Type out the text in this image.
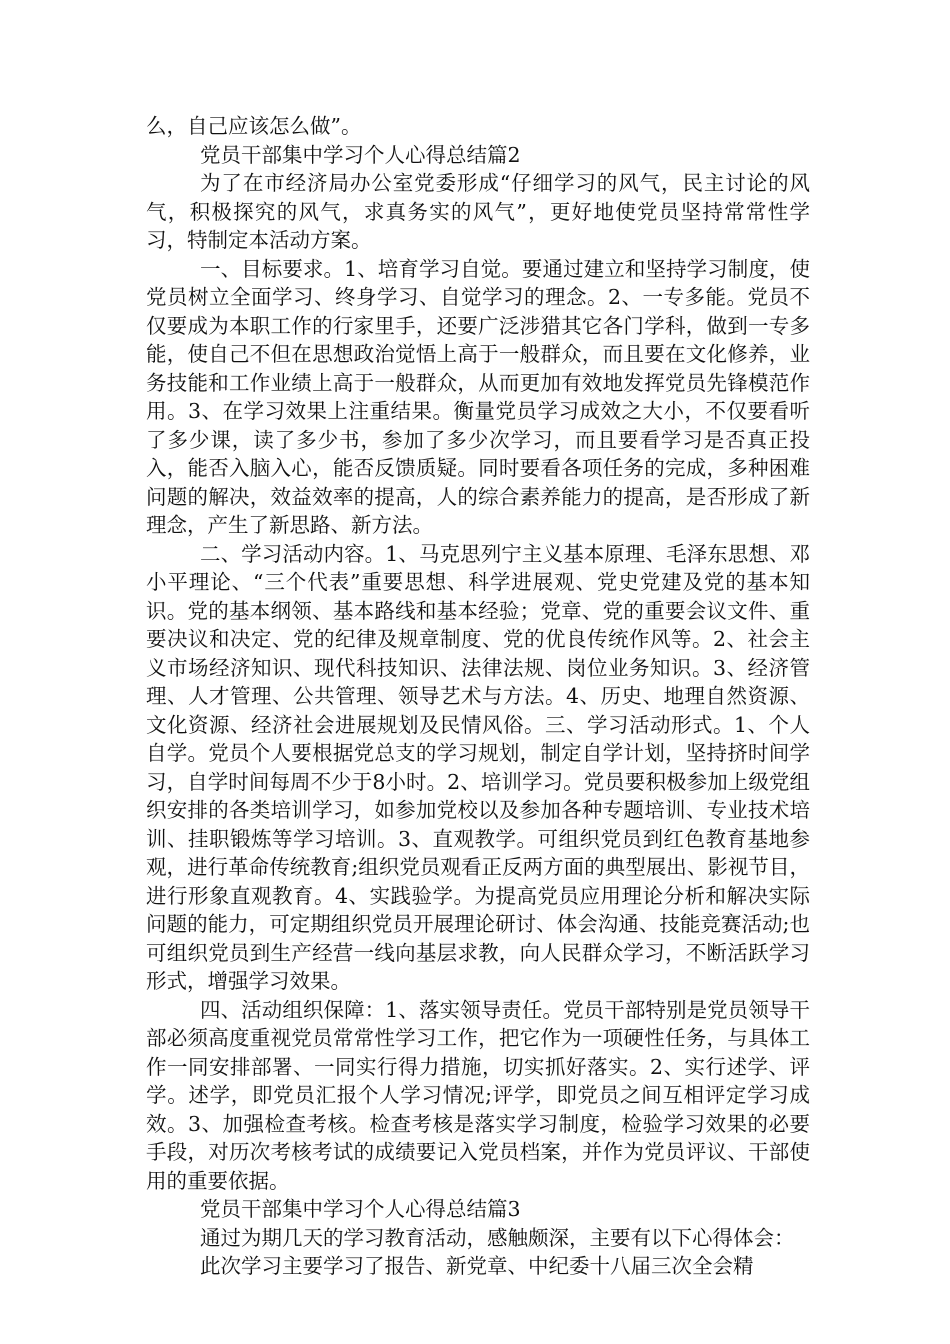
么，自己应该怎么做”。

党员干部集中学习个人心得总结篇2

为了在市经济局办公室党委形成“仔细学习的风气，民主讨论的风气，积极探究的风气，求真务实的风气”，更好地使党员坚持常常性学习，特制定本活动方案。

一、目标要求。1、培育学习自觉。要通过建立和坚持学习制度，使党员树立全面学习、终身学习、自觉学习的理念。2、一专多能。党员不仅要成为本职工作的行家里手，还要广泛涉猎其它各门学科，做到一专多能，使自己不但在思想政治觉悟上高于一般群众，而且要在文化修养，业务技能和工作业绩上高于一般群众，从而更加有效地发挥党员先锋模范作用。3、在学习效果上注重结果。衡量党员学习成效之大小，不仅要看听了多少课，读了多少书，参加了多少次学习，而且要看学习是否真正投入，能否入脑入心，能否反馈质疑。同时要看各项任务的完成，多种困难问题的解决，效益效率的提高，人的综合素养能力的提高，是否形成了新理念，产生了新思路、新方法。

二、学习活动内容。1、马克思列宁主义基本原理、毛泽东思想、邓小平理论、“三个代表”重要思想、科学进展观、党史党建及党的基本知识。党的基本纲领、基本路线和基本经验；党章、党的重要会议文件、重要决议和决定、党的纪律及规章制度、党的优良传统作风等。2、社会主义市场经济知识、现代科技知识、法律法规、岗位业务知识。3、经济管理、人才管理、公共管理、领导艺术与方法。4、历史、地理自然资源、文化资源、经济社会进展规划及民情风俗。三、学习活动形式。1、个人自学。党员个人要根据党总支的学习规划，制定自学计划，坚持挤时间学习，自学时间每周不少于8小时。2、培训学习。党员要积极参加上级党组织安排的各类培训学习，如参加党校以及参加各种专题培训、专业技术培训、挂职锻炼等学习培训。3、直观教学。可组织党员到红色教育基地参观，进行革命传统教育;组织党员观看正反两方面的典型展出、影视节目，进行形象直观教育。4、实践验学。为提高党员应用理论分析和解决实际问题的能力，可定期组织党员开展理论研讨、体会沟通、技能竞赛活动;也可组织党员到生产经营一线向基层求教，向人民群众学习，不断活跃学习形式，增强学习效果。

四、活动组织保障：1、落实领导责任。党员干部特别是党员领导干部必须高度重视党员常常性学习工作，把它作为一项硬性任务，与具体工作一同安排部署、一同实行得力措施，切实抓好落实。2、实行述学、评学。述学，即党员汇报个人学习情况;评学，即党员之间互相评定学习成效。3、加强检查考核。检查考核是落实学习制度，检验学习效果的必要手段，对历次考核考试的成绩要记入党员档案，并作为党员评议、干部使用的重要依据。

党员干部集中学习个人心得总结篇3

通过为期几天的学习教育活动，感触颇深，主要有以下心得体会：

此次学习主要学习了报告、新党章、中纪委十八届三次全会精
